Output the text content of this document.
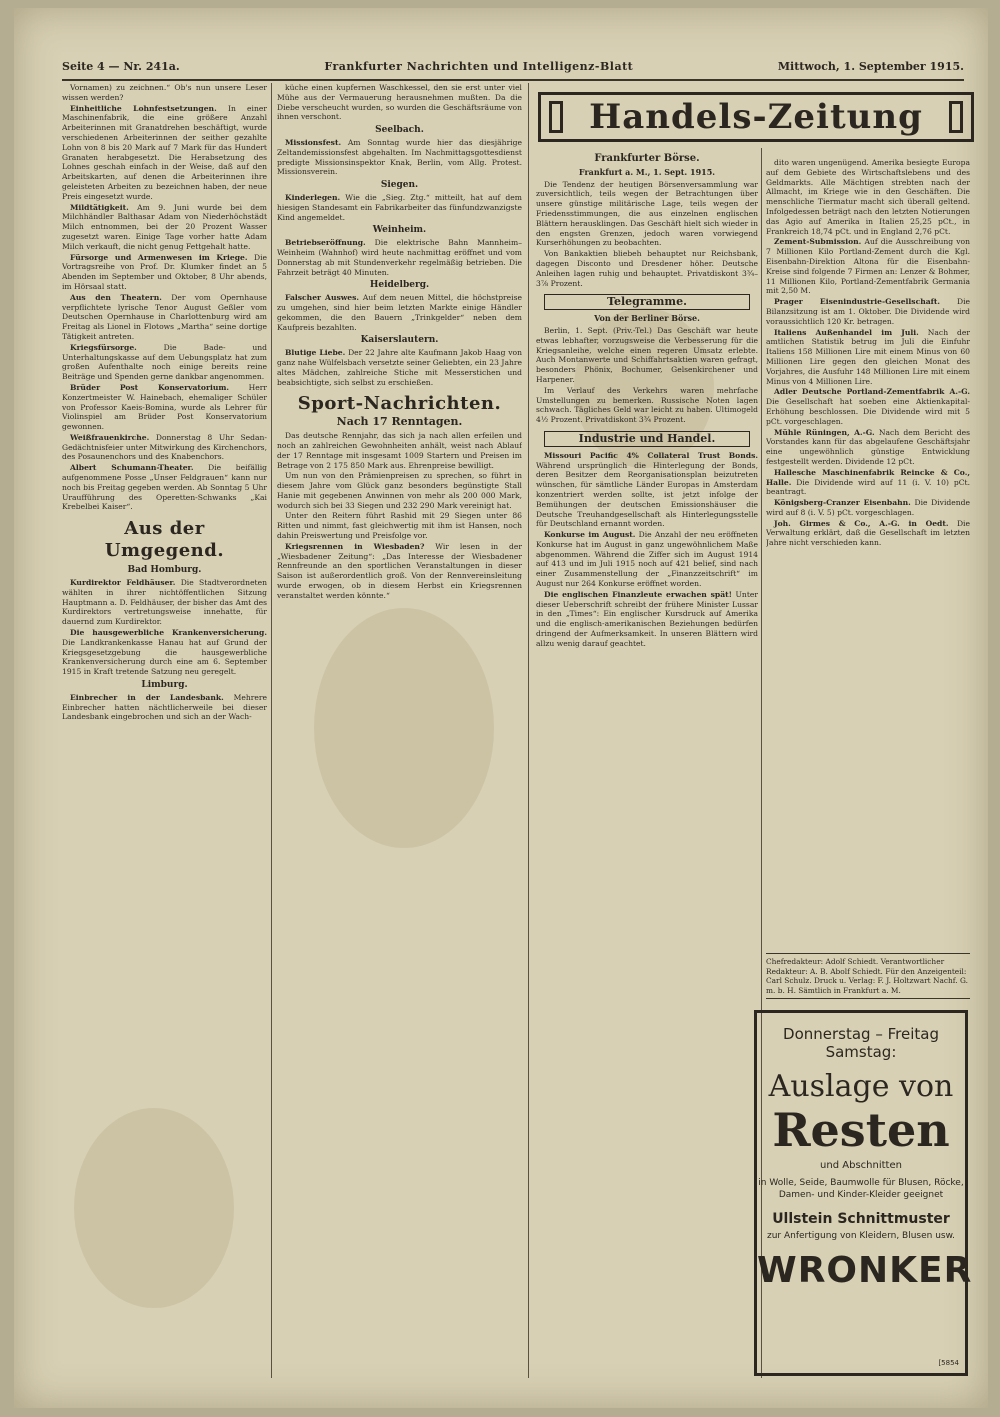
Seite 4 — Nr. 241a.	Frankfurter Nachrichten und Intelligenz-Blatt	Mittwoch, 1. September 1915.

Vornamen) zu zeichnen.“ Ob's nun unsere Leser wissen werden?

Einheitliche Lohnfestsetzungen. In einer Maschinenfabrik, die eine größere Anzahl Arbeiterinnen mit Granatdrehen beschäftigt, wurde verschiedenen Arbeiterinnen der seither gezahlte Lohn von 8 bis 20 Mark auf 7 Mark für das Hundert Granaten herabgesetzt. Die Herabsetzung des Lohnes geschah einfach in der Weise, daß auf den Arbeitskarten, auf denen die Arbeiterinnen ihre geleisteten Arbeiten zu bezeichnen haben, der neue Preis eingesetzt wurde.

Mildtätigkeit. Am 9. Juni wurde bei dem Milchhändler Balthasar Adam von Niederhöchstädt Milch entnommen, bei der 20 Prozent Wasser zugesetzt waren. Einige Tage vorher hatte Adam Milch verkauft, die nicht genug Fettgehalt hatte.

Fürsorge und Armenwesen im Kriege. Die Vortragsreihe von Prof. Dr. Klumker findet an 5 Abenden im September und Oktober, 8 Uhr abends, im Hörsaal statt.

Aus den Theatern. Der vom Opernhause verpflichtete lyrische Tenor August Geßler vom Deutschen Opernhause in Charlottenburg wird am Freitag als Lionel in Flotows „Martha“ seine dortige Tätigkeit antreten.

Kriegsfürsorge.	Die Bade- und Unterhaltungskasse auf dem Uebungsplatz hat zum großen Aufenthalte noch einige bereits reine Beiträge und Spenden gerne dankbar angenommen.

Brüder Post Konservatorium.	Herr Konzertmeister W. Hainebach, ehemaliger Schüler von Professor Kaeis-Bomina, wurde als Lehrer für Violinspiel am Brüder Post Konservatorium gewonnen.

Weißfrauenkirche. Donnerstag 8 Uhr Sedan-Gedächtnisfeier unter Mitwirkung des Kirchenchors, des Posaunenchors und des Knabenchors.

Albert Schumann-Theater. Die beifällig aufgenommene Posse „Unser Feldgrauen“ kann nur noch bis Freitag gegeben werden. Ab Sonntag 5 Uhr Uraufführung des Operetten-Schwanks „Kai Krebelbei Kaiser“.

Aus der Umgegend.
Bad Homburg.

Kurdirektor Feldhäuser. Die Stadtverordneten wählten in ihrer nichtöffentlichen Sitzung Hauptmann a. D. Feldhäuser, der bisher das Amt des Kurdirektors vertretungsweise innehatte, für dauernd zum Kurdirektor.

Die hausgewerbliche Krankenversicherung. Die Landkrankenkasse Hanau hat auf Grund der Kriegsgesetzgebung die hausgewerbliche Krankenversicherung durch eine am 6. September 1915 in Kraft tretende Satzung neu geregelt.

Limburg.

Einbrecher in der Landesbank. Mehrere Einbrecher hatten nächtlicherweile bei dieser Landesbank eingebrochen und sich an der Wach-

küche einen kupfernen Waschkessel, den sie erst unter viel Mühe aus der Vermauerung herausnehmen mußten. Da die Diebe verscheucht wurden, so wurden die Geschäftsräume von ihnen verschont.

Seelbach.

Missionsfest. Am Sonntag wurde hier das diesjährige Zeltandemissionsfest abgehalten. Im Nachmittagsgottesdienst predigte Missionsinspektor Knak, Berlin, vom Allg. Protest. Missionsverein.

Siegen.

Kinderlegen. Wie die „Sieg. Ztg.“ mitteilt, hat auf dem hiesigen Standesamt ein Fabrikarbeiter das fünfundzwanzigste Kind angemeldet.

Weinheim.

Betriebseröffnung. Die elektrische Bahn Mannheim–Weinheim (Wahnhof) wird heute nachmittag eröffnet und vom Donnerstag ab mit Stundenverkehr regelmäßig betrieben. Die Fahrzeit beträgt 40 Minuten.

Heidelberg.

Falscher Auswes. Auf dem neuen Mittel, die höchstpreise zu umgehen, sind hier beim letzten Markte einige Händler gekommen, die den Bauern „Trinkgelder“ neben dem Kaufpreis bezahlten.

Kaiserslautern.

Blutige Liebe. Der 22 Jahre alte Kaufmann Jakob Haag von ganz nahe Wülfelsbach versetzte seiner Geliebten, ein 23 Jahre altes Mädchen, zahlreiche Stiche mit Messerstichen und beabsichtigte, sich selbst zu erschießen.

Sport-Nachrichten.
Nach 17 Renntagen.

Das deutsche Rennjahr, das sich ja nach allen erfeilen und noch an zahlreichen Gewohnheiten anhält, weist nach Ablauf der 17 Renntage mit insgesamt 1009 Startern und Preisen im Betrage von 2 175 850 Mark aus. Ehrenpreise bewilligt.

Um nun von den Prämienpreisen zu sprechen, so führt in diesem Jahre vom Glück ganz besonders begünstigte Stall Hanie mit gegebenen Anwinnen von mehr als 200 000 Mark, wodurch sich bei 33 Siegen und 232 290 Mark vereinigt hat.

Unter den Reitern führt Rashid mit 29 Siegen unter 86 Ritten und nimmt, fast gleichwertig mit ihm ist Hansen, noch dahin Preiswertung und Preisfolge vor.

Kriegsrennen in Wiesbaden? Wir lesen in der „Wiesbadener Zeitung“: „Das Interesse der Wiesbadener Rennfreunde an den sportlichen Veranstaltungen in dieser Saison ist außerordentlich groß. Von der Rennvereinsleitung wurde erwogen, ob in diesem Herbst ein Kriegsrennen veranstaltet werden könnte.“

Handels-Zeitung
Frankfurter Börse.
Frankfurt a. M., 1. Sept. 1915.

Die Tendenz der heutigen Börsenversammlung war zuversichtlich, teils wegen der Betrachtungen über unsere günstige militärische Lage, teils wegen der Friedensstimmungen, die aus einzelnen englischen Blättern herausklingen. Das Geschäft hielt sich wieder in den engsten Grenzen, jedoch waren vorwiegend Kurserhöhungen zu beobachten.

Von Bankaktien bliebeh behauptet nur Reichsbank, dagegen Disconto und Dresdener höher. Deutsche Anleihen lagen ruhig und behauptet. Privatdiskont 3¾–3⅞ Prozent.

Telegramme.
Von der Berliner Börse.

Berlin, 1. Sept. (Priv.-Tel.) Das Geschäft war heute etwas lebhafter, vorzugsweise die Verbesserung für die Kriegsanleihe, welche einen regeren Umsatz erlebte. Auch Montanwerte und Schiffahrtsaktien waren gefragt, besonders Phönix, Bochumer, Gelsenkirchener und Harpener.

Im Verlauf des Verkehrs waren mehrfache Umstellungen zu bemerken. Russische Noten lagen schwach. Tägliches Geld war leicht zu haben. Ultimogeld 4½ Prozent. Privatdiskont 3¾ Prozent.

Industrie und Handel.

Missouri Pacific 4% Collateral Trust Bonds. Während ursprünglich die Hinterlegung der Bonds, deren Besitzer dem Reorganisationsplan beizutreten wünschen, für sämtliche Länder Europas in Amsterdam konzentriert werden sollte, ist jetzt infolge der Bemühungen der deutschen Emissionshäuser die Deutsche Treuhandgesellschaft als Hinterlegungsstelle für Deutschland ernannt worden.

Konkurse im August. Die Anzahl der neu eröffneten Konkurse hat im August in ganz ungewöhnlichem Maße abgenommen. Während die Ziffer sich im August 1914 auf 413 und im Juli 1915 noch auf 421 belief, sind nach einer Zusammenstellung der „Finanzzeitschrift“ im August nur 264 Konkurse eröffnet worden.

Die englischen Finanzleute erwachen spät! Unter dieser Ueberschrift schreibt der frühere Minister Lussar in den „Times“: Ein englischer Kursdruck auf Amerika und die englisch-amerikanischen Beziehungen bedürfen dringend der Aufmerksamkeit. In unseren Blättern wird allzu wenig darauf geachtet.

dito waren ungenügend. Amerika besiegte Europa auf dem Gebiete des Wirtschaftslebens und des Geldmarkts. Alle Mächtigen strebten nach der Allmacht, im Kriege wie in den Geschäften. Die menschliche Tiermatur macht sich überall geltend. Infolgedessen beträgt nach den letzten Notierungen das Agio auf Amerika in Italien 25,25 pCt., in Frankreich 18,74 pCt. und in England 2,76 pCt.

Zement-Submission. Auf die Ausschreibung von 7 Millionen Kilo Portland-Zement durch die Kgl. Eisenbahn-Direktion Altona für die Eisenbahn-Kreise sind folgende 7 Firmen an: Lenzer & Bohmer, 11 Millionen Kilo, Portland-Zementfabrik Germania mit 2,50 M.

Prager Eisenindustrie-Gesellschaft. Die Bilanzsitzung ist am 1. Oktober. Die Dividende wird voraussichtlich 120 Kr. betragen.

Italiens Außenhandel im Juli. Nach der amtlichen Statistik betrug im Juli die Einfuhr Italiens 158 Millionen Lire mit einem Minus von 60 Millionen Lire gegen den gleichen Monat des Vorjahres, die Ausfuhr 148 Millionen Lire mit einem Minus von 4 Millionen Lire.

Adler Deutsche Portland-Zementfabrik A.-G. Die Gesellschaft hat soeben eine Aktienkapital-Erhöhung beschlossen. Die Dividende wird mit 5 pCt. vorgeschlagen.

Mühle Rüningen, A.-G. Nach dem Bericht des Vorstandes kann für das abgelaufene Geschäftsjahr eine ungewöhnlich günstige Entwicklung festgestellt werden. Dividende 12 pCt.

Hallesche Maschinenfabrik Reincke & Co., Halle. Die Dividende wird auf 11 (i. V. 10) pCt. beantragt.

Königsberg-Cranzer Eisenbahn. Die Dividende wird auf 8 (i. V. 5) pCt. vorgeschlagen.

Joh. Girmes & Co., A.-G. in Oedt. Die Verwaltung erklärt, daß die Gesellschaft im letzten Jahre nicht verschieden kann.

Chefredakteur: Adolf Schiedt. Verantwortlicher Redakteur: A. B. Abolf Schiedt. Für den Anzeigenteil: Carl Schulz. Druck u. Verlag: F. J. Holtzwart Nachf. G. m. b. H. Sämtlich in Frankfurt a. M.
Donnerstag – Freitag
Samstag:
Auslage von
Resten
und Abschnitten
in Wolle, Seide, Baumwolle für Blusen, Röcke, Damen- und Kinder-Kleider geeignet
Ullstein Schnittmuster
zur Anfertigung von Kleidern, Blusen usw.
WRONKER
[5854
